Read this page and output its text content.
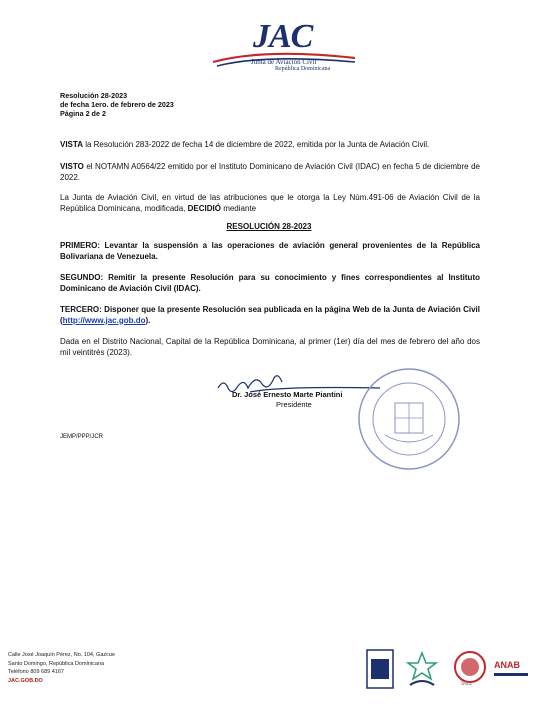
JAC
Junta de Aviación Civil
República Dominicana
Resolución 28-2023
de fecha 1ero. de febrero de 2023
Página 2 de 2
VISTA la Resolución 283-2022 de fecha 14 de diciembre de 2022, emitida por la Junta de Aviación Civil.
VISTO el NOTAMN A0564/22 emitido por el Instituto Dominicano de Aviación Civil (IDAC) en fecha 5 de diciembre de 2022.
La Junta de Aviación Civil, en virtud de las atribuciones que le otorga la Ley Núm.491-06 de Aviación Civil de la República Dominicana, modificada, DECIDIÓ mediante
RESOLUCIÓN 28-2023
PRIMERO: Levantar la suspensión a las operaciones de aviación general provenientes de la República Bolivariana de Venezuela.
SEGUNDO: Remitir la presente Resolución para su conocimiento y fines correspondientes al Instituto Dominicano de Aviación Civil (IDAC).
TERCERO: Disponer que la presente Resolución sea publicada en la página Web de la Junta de Aviación Civil (http://www.jac.gob.do).
Dada en el Distrito Nacional, Capital de la República Dominicana, al primer (1er) día del mes de febrero del año dos mil veintitrés (2023).
Dr. José Ernesto Marte Piantini
Presidente
JEMP/PPP/JCR
Calle José Joaquín Pérez, No. 104, Gazcue
Santo Domingo, República Dominicana
Teléfono 809 689 4167
JAC.GOB.DO
SGS
ANAB
